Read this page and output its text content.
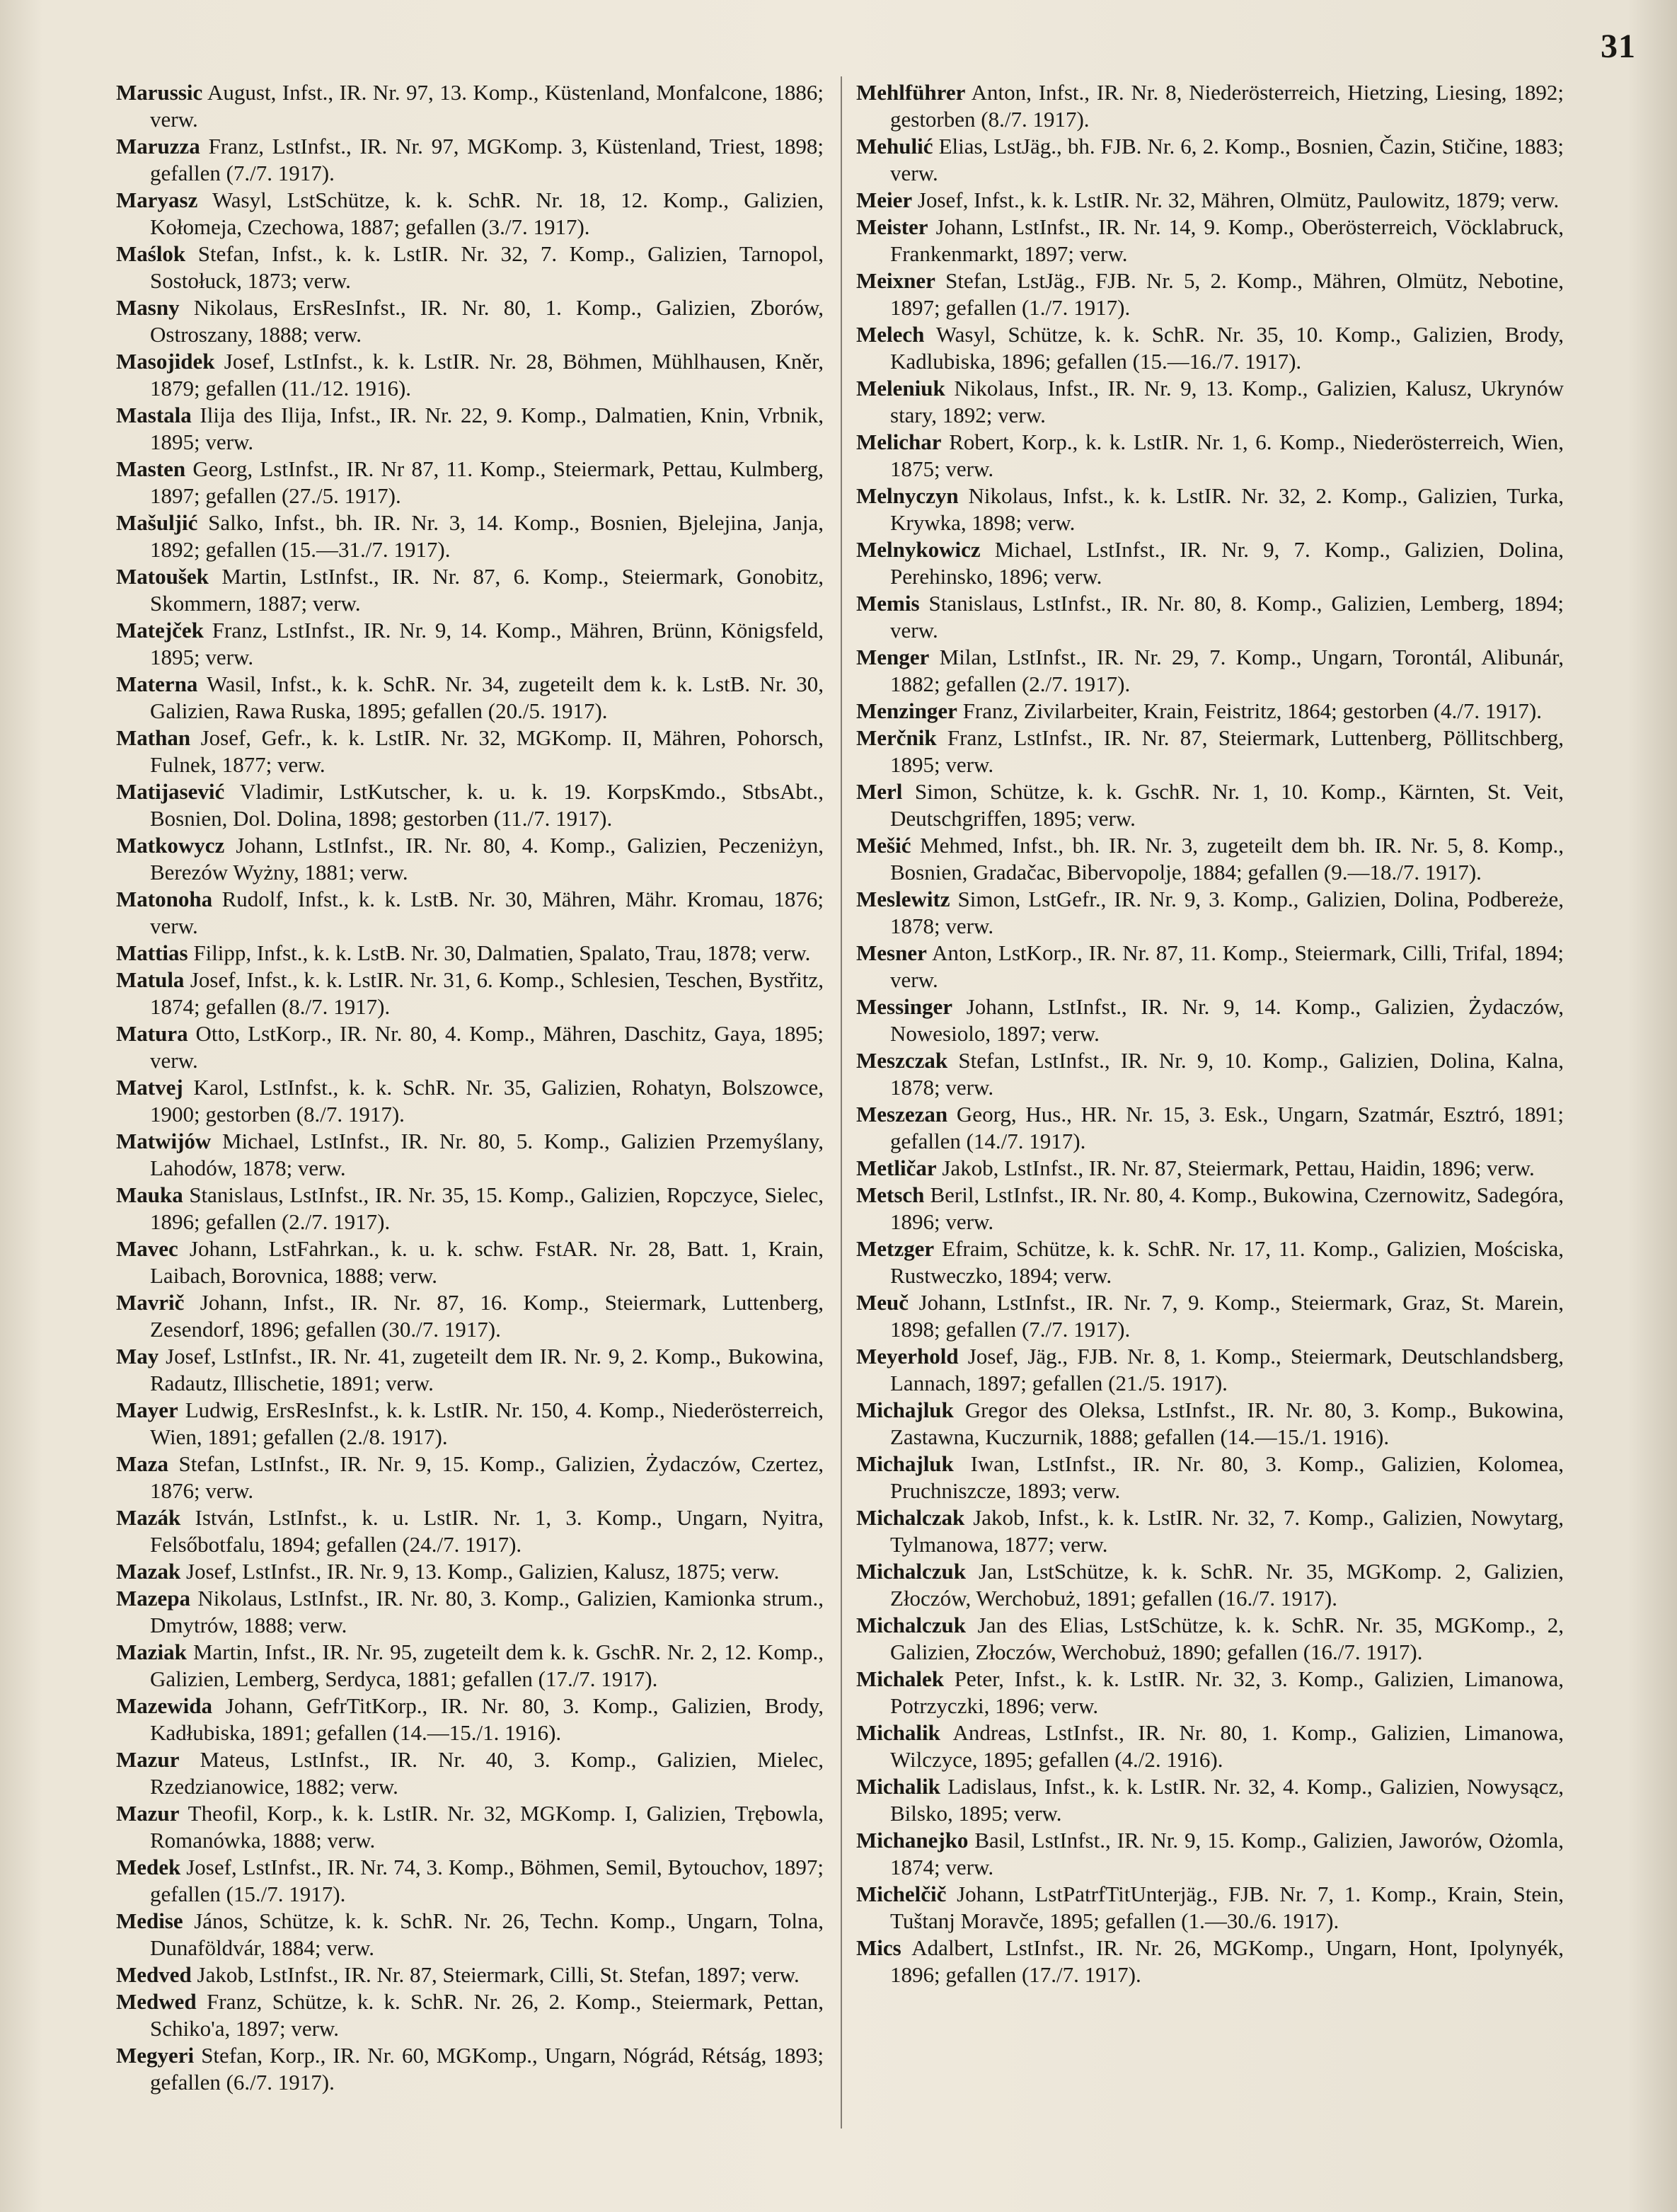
31

Marussic August, Infst., IR. Nr. 97, 13. Komp., Küstenland, Monfalcone, 1886; verw.

Maruzza Franz, LstInfst., IR. Nr. 97, MGKomp. 3, Küstenland, Triest, 1898; gefallen (7./7. 1917).

Maryasz Wasyl, LstSchütze, k. k. SchR. Nr. 18, 12. Komp., Galizien, Kołomeja, Czechowa, 1887; gefallen (3./7. 1917).

Maślok Stefan, Infst., k. k. LstIR. Nr. 32, 7. Komp., Galizien, Tarnopol, Sostołuck, 1873; verw.

Masny Nikolaus, ErsResInfst., IR. Nr. 80, 1. Komp., Galizien, Zborów, Ostroszany, 1888; verw.

Masojidek Josef, LstInfst., k. k. LstIR. Nr. 28, Böhmen, Mühlhausen, Kněr, 1879; gefallen (11./12. 1916).

Mastala Ilija des Ilija, Infst., IR. Nr. 22, 9. Komp., Dalmatien, Knin, Vrbnik, 1895; verw.

Masten Georg, LstInfst., IR. Nr 87, 11. Komp., Steiermark, Pettau, Kulmberg, 1897; gefallen (27./5. 1917).

Mašuljić Salko, Infst., bh. IR. Nr. 3, 14. Komp., Bosnien, Bjelejina, Janja, 1892; gefallen (15.—31./7. 1917).

Matoušek Martin, LstInfst., IR. Nr. 87, 6. Komp., Steiermark, Gonobitz, Skommern, 1887; verw.

Matejček Franz, LstInfst., IR. Nr. 9, 14. Komp., Mähren, Brünn, Königsfeld, 1895; verw.

Materna Wasil, Infst., k. k. SchR. Nr. 34, zugeteilt dem k. k. LstB. Nr. 30, Galizien, Rawa Ruska, 1895; gefallen (20./5. 1917).

Mathan Josef, Gefr., k. k. LstIR. Nr. 32, MGKomp. II, Mähren, Pohorsch, Fulnek, 1877; verw.

Matijasević Vladimir, LstKutscher, k. u. k. 19. KorpsKmdo., StbsAbt., Bosnien, Dol. Dolina, 1898; gestorben (11./7. 1917).

Matkowycz Johann, LstInfst., IR. Nr. 80, 4. Komp., Galizien, Peczeniżyn, Berezów Wyżny, 1881; verw.

Matonoha Rudolf, Infst., k. k. LstB. Nr. 30, Mähren, Mähr. Kromau, 1876; verw.

Mattias Filipp, Infst., k. k. LstB. Nr. 30, Dalmatien, Spalato, Trau, 1878; verw.

Matula Josef, Infst., k. k. LstIR. Nr. 31, 6. Komp., Schlesien, Teschen, Bystřitz, 1874; gefallen (8./7. 1917).

Matura Otto, LstKorp., IR. Nr. 80, 4. Komp., Mähren, Daschitz, Gaya, 1895; verw.

Matvej Karol, LstInfst., k. k. SchR. Nr. 35, Galizien, Rohatyn, Bolszowce, 1900; gestorben (8./7. 1917).

Matwijów Michael, LstInfst., IR. Nr. 80, 5. Komp., Galizien Przemyślany, Lahodów, 1878; verw.

Mauka Stanislaus, LstInfst., IR. Nr. 35, 15. Komp., Galizien, Ropczyce, Sielec, 1896; gefallen (2./7. 1917).

Mavec Johann, LstFahrkan., k. u. k. schw. FstAR. Nr. 28, Batt. 1, Krain, Laibach, Borovnica, 1888; verw.

Mavrič Johann, Infst., IR. Nr. 87, 16. Komp., Steiermark, Luttenberg, Zesendorf, 1896; gefallen (30./7. 1917).

May Josef, LstInfst., IR. Nr. 41, zugeteilt dem IR. Nr. 9, 2. Komp., Bukowina, Radautz, Illischetie, 1891; verw.

Mayer Ludwig, ErsResInfst., k. k. LstIR. Nr. 150, 4. Komp., Niederösterreich, Wien, 1891; gefallen (2./8. 1917).

Maza Stefan, LstInfst., IR. Nr. 9, 15. Komp., Galizien, Żydaczów, Czertez, 1876; verw.

Mazák István, LstInfst., k. u. LstIR. Nr. 1, 3. Komp., Ungarn, Nyitra, Felsőbotfalu, 1894; gefallen (24./7. 1917).

Mazak Josef, LstInfst., IR. Nr. 9, 13. Komp., Galizien, Kalusz, 1875; verw.

Mazepa Nikolaus, LstInfst., IR. Nr. 80, 3. Komp., Galizien, Kamionka strum., Dmytrów, 1888; verw.

Maziak Martin, Infst., IR. Nr. 95, zugeteilt dem k. k. GschR. Nr. 2, 12. Komp., Galizien, Lemberg, Serdyca, 1881; gefallen (17./7. 1917).

Mazewida Johann, GefrTitKorp., IR. Nr. 80, 3. Komp., Galizien, Brody, Kadłubiska, 1891; gefallen (14.—15./1. 1916).

Mazur Mateus, LstInfst., IR. Nr. 40, 3. Komp., Galizien, Mielec, Rzedzianowice, 1882; verw.

Mazur Theofil, Korp., k. k. LstIR. Nr. 32, MGKomp. I, Galizien, Trębowla, Romanówka, 1888; verw.

Medek Josef, LstInfst., IR. Nr. 74, 3. Komp., Böhmen, Semil, Bytouchov, 1897; gefallen (15./7. 1917).

Medise János, Schütze, k. k. SchR. Nr. 26, Techn. Komp., Ungarn, Tolna, Dunaföldvár, 1884; verw.

Medved Jakob, LstInfst., IR. Nr. 87, Steiermark, Cilli, St. Stefan, 1897; verw.

Medwed Franz, Schütze, k. k. SchR. Nr. 26, 2. Komp., Steiermark, Pettan, Schiko'a, 1897; verw.

Megyeri Stefan, Korp., IR. Nr. 60, MGKomp., Ungarn, Nógrád, Rétság, 1893; gefallen (6./7. 1917).

Mehlführer Anton, Infst., IR. Nr. 8, Niederösterreich, Hietzing, Liesing, 1892; gestorben (8./7. 1917).

Mehulić Elias, LstJäg., bh. FJB. Nr. 6, 2. Komp., Bosnien, Čazin, Stičine, 1883; verw.

Meier Josef, Infst., k. k. LstIR. Nr. 32, Mähren, Olmütz, Paulowitz, 1879; verw.

Meister Johann, LstInfst., IR. Nr. 14, 9. Komp., Oberösterreich, Vöcklabruck, Frankenmarkt, 1897; verw.

Meixner Stefan, LstJäg., FJB. Nr. 5, 2. Komp., Mähren, Olmütz, Nebotine, 1897; gefallen (1./7. 1917).

Melech Wasyl, Schütze, k. k. SchR. Nr. 35, 10. Komp., Galizien, Brody, Kadlubiska, 1896; gefallen (15.—16./7. 1917).

Meleniuk Nikolaus, Infst., IR. Nr. 9, 13. Komp., Galizien, Kalusz, Ukrynów stary, 1892; verw.

Melichar Robert, Korp., k. k. LstIR. Nr. 1, 6. Komp., Niederösterreich, Wien, 1875; verw.

Melnyczyn Nikolaus, Infst., k. k. LstIR. Nr. 32, 2. Komp., Galizien, Turka, Krywka, 1898; verw.

Melnykowicz Michael, LstInfst., IR. Nr. 9, 7. Komp., Galizien, Dolina, Perehinsko, 1896; verw.

Memis Stanislaus, LstInfst., IR. Nr. 80, 8. Komp., Galizien, Lemberg, 1894; verw.

Menger Milan, LstInfst., IR. Nr. 29, 7. Komp., Ungarn, Torontál, Alibunár, 1882; gefallen (2./7. 1917).

Menzinger Franz, Zivilarbeiter, Krain, Feistritz, 1864; gestorben (4./7. 1917).

Merčnik Franz, LstInfst., IR. Nr. 87, Steiermark, Luttenberg, Pöllitschberg, 1895; verw.

Merl Simon, Schütze, k. k. GschR. Nr. 1, 10. Komp., Kärnten, St. Veit, Deutschgriffen, 1895; verw.

Mešić Mehmed, Infst., bh. IR. Nr. 3, zugeteilt dem bh. IR. Nr. 5, 8. Komp., Bosnien, Gradačac, Bibervopolje, 1884; gefallen (9.—18./7. 1917).

Meslewitz Simon, LstGefr., IR. Nr. 9, 3. Komp., Galizien, Dolina, Podbereże, 1878; verw.

Mesner Anton, LstKorp., IR. Nr. 87, 11. Komp., Steiermark, Cilli, Trifal, 1894; verw.

Messinger Johann, LstInfst., IR. Nr. 9, 14. Komp., Galizien, Żydaczów, Nowesiolo, 1897; verw.

Meszczak Stefan, LstInfst., IR. Nr. 9, 10. Komp., Galizien, Dolina, Kalna, 1878; verw.

Meszezan Georg, Hus., HR. Nr. 15, 3. Esk., Ungarn, Szatmár, Esztró, 1891; gefallen (14./7. 1917).

Metličar Jakob, LstInfst., IR. Nr. 87, Steiermark, Pettau, Haidin, 1896; verw.

Metsch Beril, LstInfst., IR. Nr. 80, 4. Komp., Bukowina, Czernowitz, Sadegóra, 1896; verw.

Metzger Efraim, Schütze, k. k. SchR. Nr. 17, 11. Komp., Galizien, Mościska, Rustweczko, 1894; verw.

Meuč Johann, LstInfst., IR. Nr. 7, 9. Komp., Steiermark, Graz, St. Marein, 1898; gefallen (7./7. 1917).

Meyerhold Josef, Jäg., FJB. Nr. 8, 1. Komp., Steiermark, Deutschlandsberg, Lannach, 1897; gefallen (21./5. 1917).

Michajluk Gregor des Oleksa, LstInfst., IR. Nr. 80, 3. Komp., Bukowina, Zastawna, Kuczurnik, 1888; gefallen (14.—15./1. 1916).

Michajluk Iwan, LstInfst., IR. Nr. 80, 3. Komp., Galizien, Kolomea, Pruchniszcze, 1893; verw.

Michalczak Jakob, Infst., k. k. LstIR. Nr. 32, 7. Komp., Galizien, Nowytarg, Tylmanowa, 1877; verw.

Michalczuk Jan, LstSchütze, k. k. SchR. Nr. 35, MGKomp. 2, Galizien, Złoczów, Werchobuż, 1891; gefallen (16./7. 1917).

Michalczuk Jan des Elias, LstSchütze, k. k. SchR. Nr. 35, MGKomp., 2, Galizien, Złoczów, Werchobuż, 1890; gefallen (16./7. 1917).

Michalek Peter, Infst., k. k. LstIR. Nr. 32, 3. Komp., Galizien, Limanowa, Potrzyczki, 1896; verw.

Michalik Andreas, LstInfst., IR. Nr. 80, 1. Komp., Galizien, Limanowa, Wilczyce, 1895; gefallen (4./2. 1916).

Michalik Ladislaus, Infst., k. k. LstIR. Nr. 32, 4. Komp., Galizien, Nowysącz, Bilsko, 1895; verw.

Michanejko Basil, LstInfst., IR. Nr. 9, 15. Komp., Galizien, Jaworów, Ożomla, 1874; verw.

Michelčič Johann, LstPatrfTitUnterjäg., FJB. Nr. 7, 1. Komp., Krain, Stein, Tuštanj Moravče, 1895; gefallen (1.—30./6. 1917).

Mics Adalbert, LstInfst., IR. Nr. 26, MGKomp., Ungarn, Hont, Ipolynyék, 1896; gefallen (17./7. 1917).
